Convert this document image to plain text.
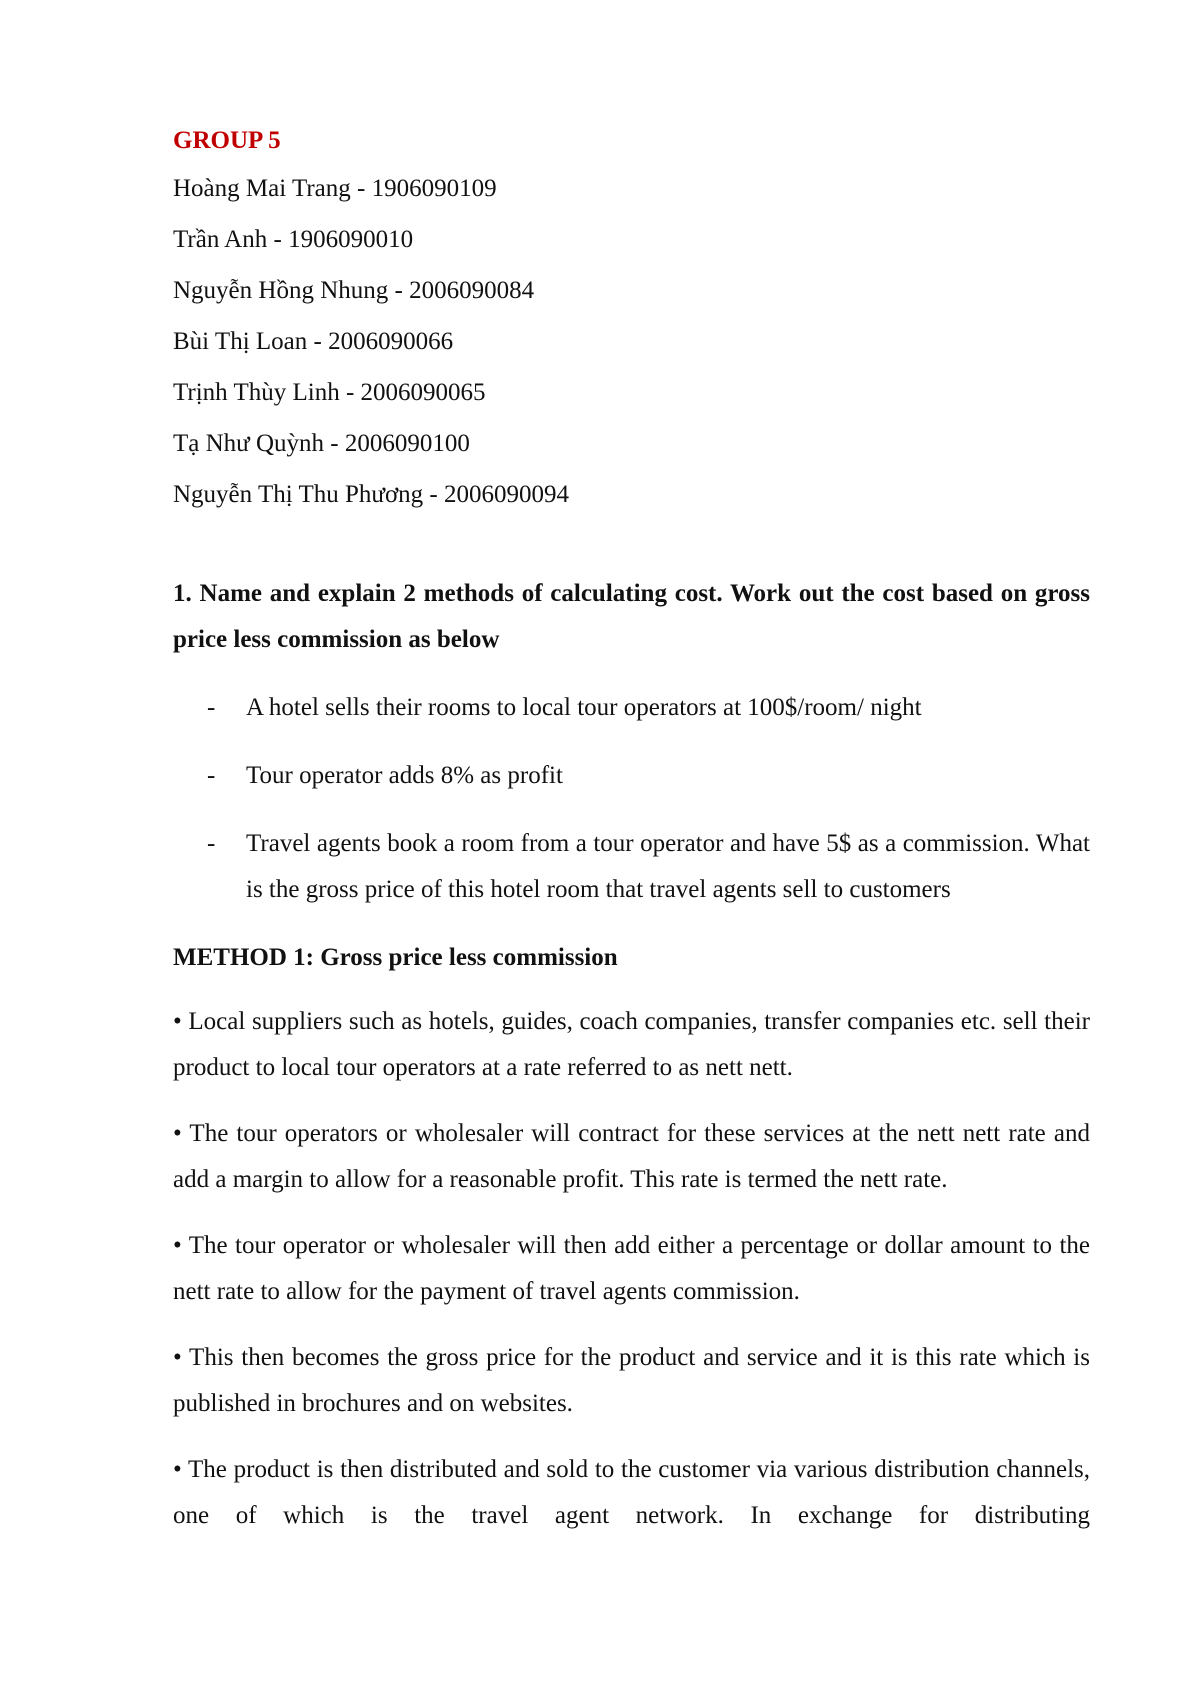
GROUP 5

Hoàng Mai Trang - 1906090109

Trần Anh - 1906090010

Nguyễn Hồng Nhung - 2006090084

Bùi Thị Loan - 2006090066

Trịnh Thùy Linh - 2006090065

Tạ Như Quỳnh - 2006090100

Nguyễn Thị Thu Phương - 2006090094

1. Name and explain 2 methods of calculating cost. Work out the cost based on gross price less commission as below

- A hotel sells their rooms to local tour operators at 100$/room/ night
- Tour operator adds 8% as profit
- Travel agents book a room from a tour operator and have 5$ as a commission. What is the gross price of this hotel room that travel agents sell to customers

METHOD 1: Gross price less commission

• Local suppliers such as hotels, guides, coach companies, transfer companies etc. sell their product to local tour operators at a rate referred to as nett nett.

• The tour operators or wholesaler will contract for these services at the nett nett rate and add a margin to allow for a reasonable profit. This rate is termed the nett rate.

• The tour operator or wholesaler will then add either a percentage or dollar amount to the nett rate to allow for the payment of travel agents commission.

• This then becomes the gross price for the product and service and it is this rate which is published in brochures and on websites.

• The product is then distributed and sold to the customer via various distribution channels, one of which is the travel agent network. In exchange for distributing
